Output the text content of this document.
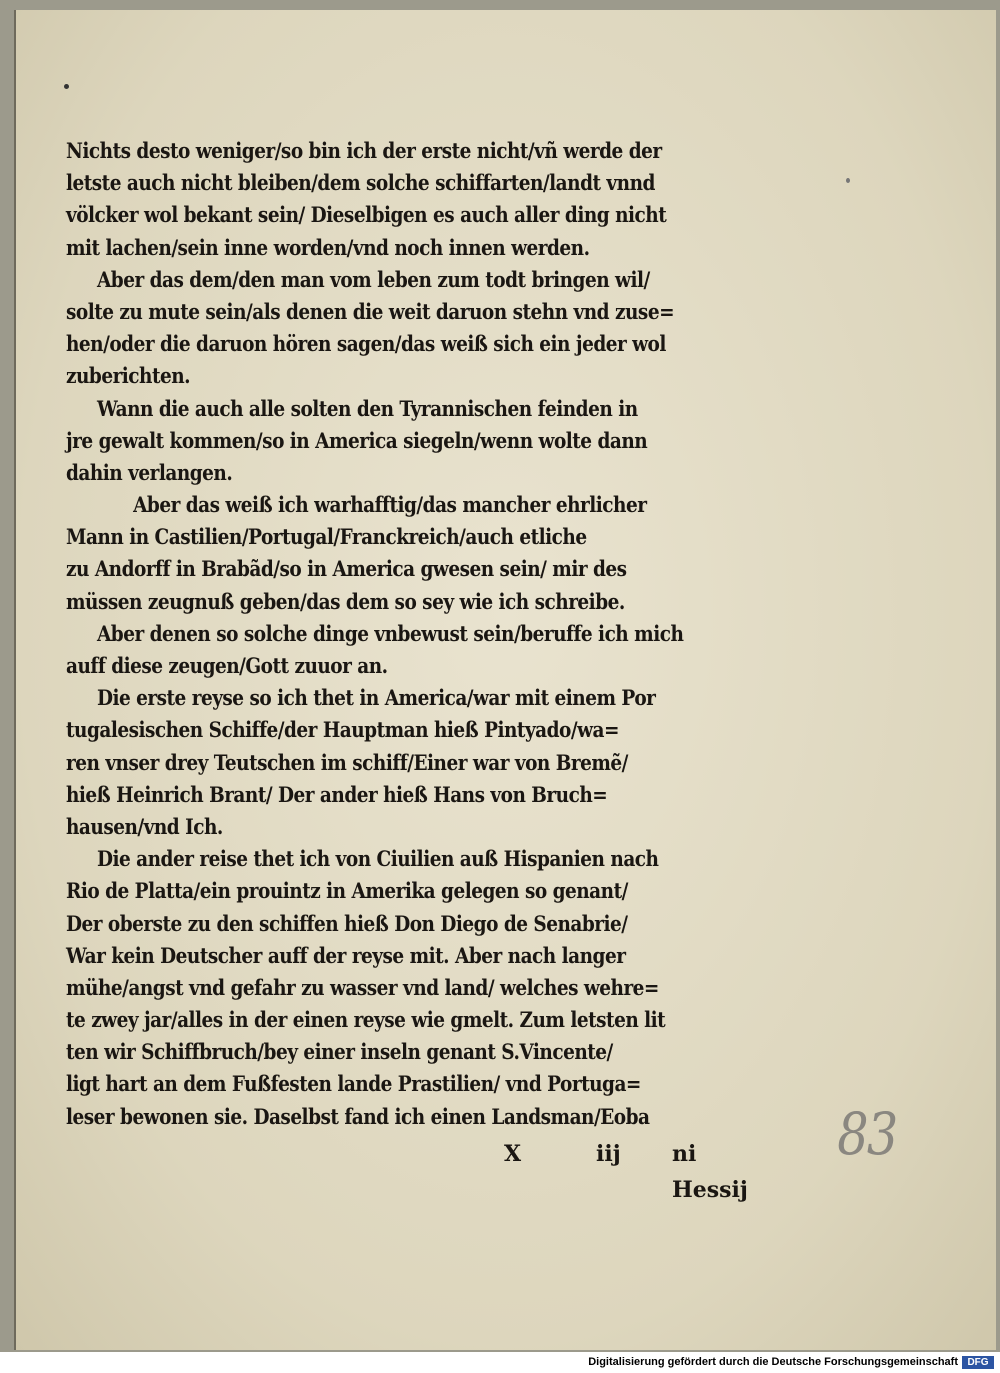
Nichts desto weniger/so bin ich der erste nicht/vñ werde der
letste auch nicht bleiben/dem solche schiffarten/landt vnnd
völcker wol bekant sein/ Dieselbigen es auch aller ding nicht
mit lachen/sein inne worden/vnd noch innen werden.
Aber das dem/den man vom leben zum todt bringen wil/
solte zu mute sein/als denen die weit daruon stehn vnd zuse=
hen/oder die daruon hören sagen/das weiß sich ein jeder wol
zuberichten.
Wann die auch alle solten den Tyrannischen feinden in
jre gewalt kommen/so in America siegeln/wenn wolte dann
dahin verlangen.
Aber das weiß ich warhafftig/das mancher ehrlicher
Mann in Castilien/Portugal/Franckreich/auch etliche
zu Andorff in Brabãd/so in America gwesen sein/ mir des
müssen zeugnuß geben/das dem so sey wie ich schreibe.
Aber denen so solche dinge vnbewust sein/beruffe ich mich
auff diese zeugen/Gott zuuor an.
Die erste reyse so ich thet in America/war mit einem Por
tugalesischen Schiffe/der Hauptman hieß Pintyado/wa=
ren vnser drey Teutschen im schiff/Einer war von Bremẽ/
hieß Heinrich Brant/ Der ander hieß Hans von Bruch=
hausen/vnd Ich.
Die ander reise thet ich von Ciuilien auß Hispanien nach
Rio de Platta/ein prouintz in Amerika gelegen so genant/
Der oberste zu den schiffen hieß Don Diego de Senabrie/
War kein Deutscher auff der reyse mit. Aber nach langer
mühe/angst vnd gefahr zu wasser vnd land/ welches wehre=
te zwey jar/alles in der einen reyse wie gmelt. Zum letsten lit
ten wir Schiffbruch/bey einer inseln genant S.Vincente/
ligt hart an dem Fußfesten lande Prastilien/ vnd Portuga=
leser bewonen sie. Daselbst fand ich einen Landsman/Eoba
X	iij ni Hessij
83
Digitalisierung gefördert durch die Deutsche Forschungsgemeinschaft DFG
